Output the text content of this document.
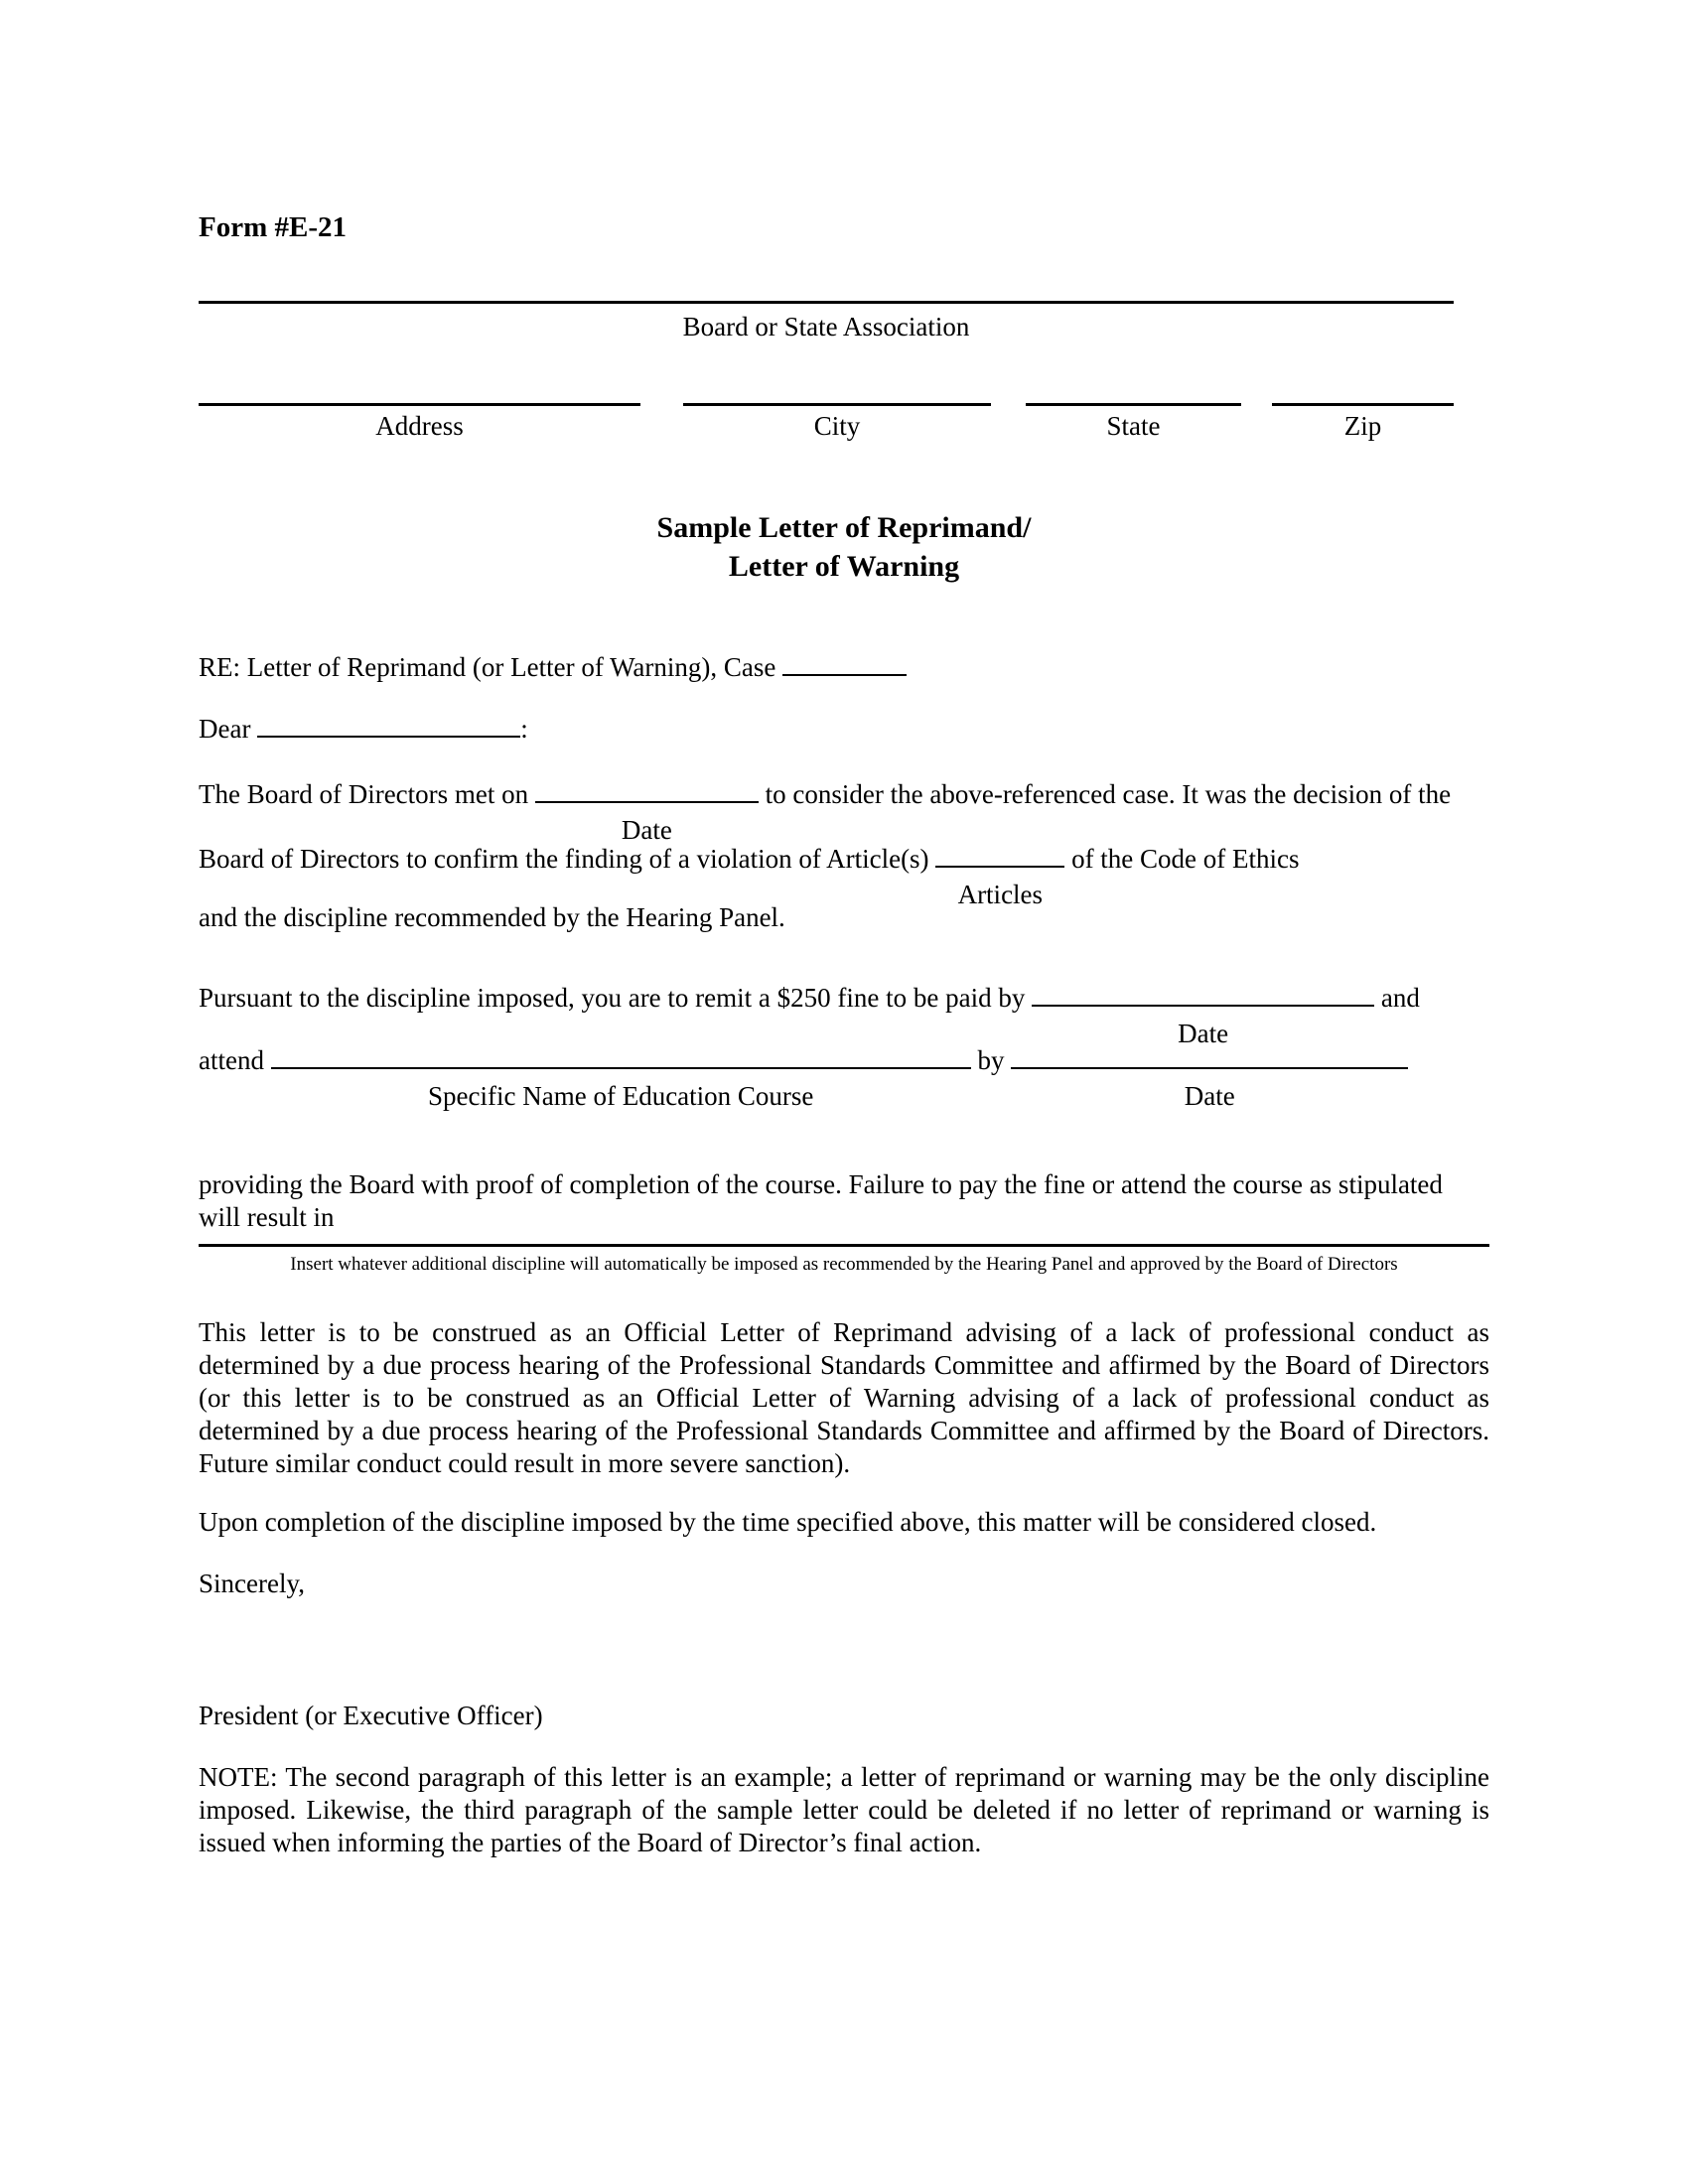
Form #E-21
Board or State Association
Address	City	State	Zip
Sample Letter of Reprimand/
Letter of Warning
RE: Letter of Reprimand (or Letter of Warning), Case
Dear	:
The Board of Directors met on
Date
to consider the above-referenced case. It was the decision of the
Board of Directors to confirm the finding of a violation of Article(s)
Articles
of the Code of Ethics
and the discipline recommended by the Hearing Panel.
Pursuant to the discipline imposed, you are to remit a $250 fine to be paid by
Date
and
attend
Specific Name of Education Course
by
Date
providing the Board with proof of completion of the course. Failure to pay the fine or attend the course as stipulated will result in
Insert whatever additional discipline will automatically be imposed as recommended by the Hearing Panel and approved by the Board of Directors
This letter is to be construed as an Official Letter of Reprimand advising of a lack of professional conduct as determined by a due process hearing of the Professional Standards Committee and affirmed by the Board of Directors (or this letter is to be construed as an Official Letter of Warning advising of a lack of professional conduct as determined by a due process hearing of the Professional Standards Committee and affirmed by the Board of Directors. Future similar conduct could result in more severe sanction).
Upon completion of the discipline imposed by the time specified above, this matter will be considered closed.
Sincerely,
President (or Executive Officer)
NOTE: The second paragraph of this letter is an example; a letter of reprimand or warning may be the only discipline imposed. Likewise, the third paragraph of the sample letter could be deleted if no letter of reprimand or warning is issued when informing the parties of the Board of Director’s final action.
